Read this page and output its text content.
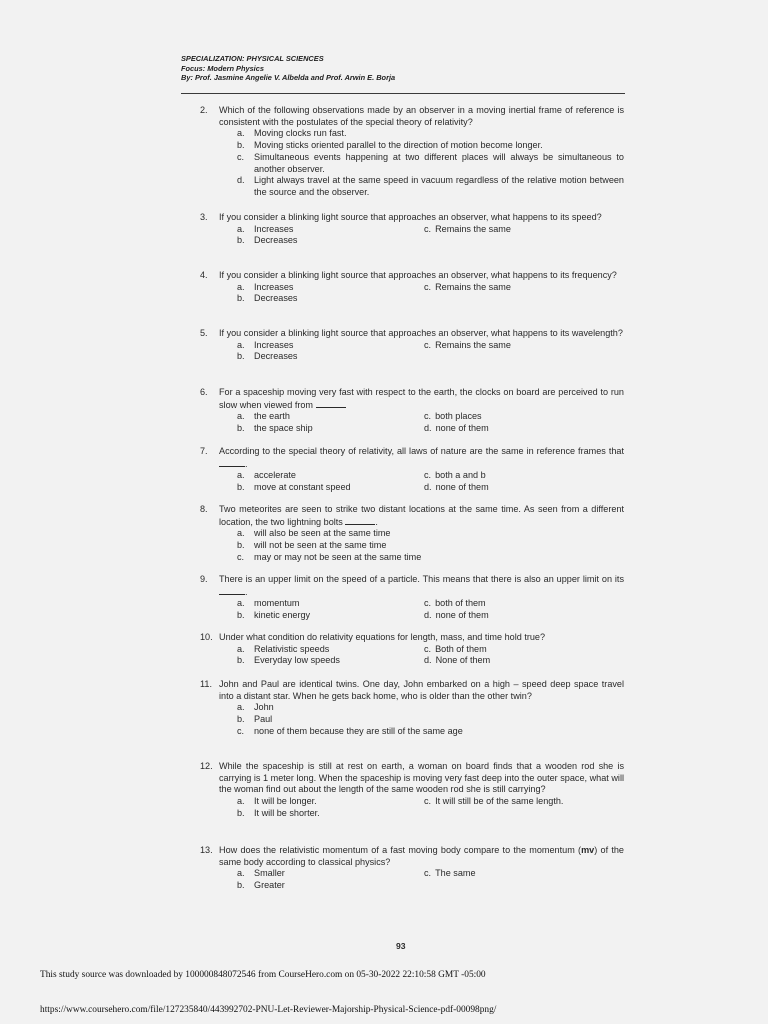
SPECIALIZATION: PHYSICAL SCIENCES
Focus: Modern Physics
By: Prof. Jasmine Angelie V. Albelda and Prof. Arwin E. Borja
2.	Which of the following observations made by an observer in a moving inertial frame of reference is consistent with the postulates of the special theory of relativity?
a. Moving clocks run fast.
b. Moving sticks oriented parallel to the direction of motion become longer.
c. Simultaneous events happening at two different places will always be simultaneous to another observer.
d. Light always travel at the same speed in vacuum regardless of the relative motion between the source and the observer.
3.	If you consider a blinking light source that approaches an observer, what happens to its speed?
a. Increases	c. Remains the same
b. Decreases
4.	If you consider a blinking light source that approaches an observer, what happens to its frequency?
a. Increases	c. Remains the same
b. Decreases
5.	If you consider a blinking light source that approaches an observer, what happens to its wavelength?
a. Increases	c. Remains the same
b. Decreases
6.	For a spaceship moving very fast with respect to the earth, the clocks on board are perceived to run slow when viewed from
a. the earth	c. both places
b. the space ship	d. none of them
7.	According to the special theory of relativity, all laws of nature are the same in reference frames that .
a. accelerate	c. both a and b
b. move at constant speed	d. none of them
8.	Two meteorites are seen to strike two distant locations at the same time. As seen from a different location, the two lightning bolts	.
a. will also be seen at the same time
b. will not be seen at the same time
c. may or may not be seen at the same time
9.	There is an upper limit on the speed of a particle. This means that there is also an upper limit on its .
a. momentum	c. both of them
b. kinetic energy	d. none of them
10. Under what condition do relativity equations for length, mass, and time hold true?
a. Relativistic speeds	c. Both of them
b. Everyday low speeds	d. None of them
11. John and Paul are identical twins. One day, John embarked on a high – speed deep space travel into a distant star. When he gets back home, who is older than the other twin?
a. John
b. Paul
c. none of them because they are still of the same age
12. While the spaceship is still at rest on earth, a woman on board finds that a wooden rod she is carrying is 1 meter long. When the spaceship is moving very fast deep into the outer space, what will the woman find out about the length of the same wooden rod she is still carrying?
a. It will be longer.	c. It will still be of the same length.
b. It will be shorter.
13. How does the relativistic momentum of a fast moving body compare to the momentum (mv) of the same body according to classical physics?
a. Smaller	c. The same
b. Greater
93
This study source was downloaded by 100000848072546 from CourseHero.com on 05-30-2022 22:10:58 GMT -05:00
https://www.coursehero.com/file/127235840/443992702-PNU-Let-Reviewer-Majorship-Physical-Science-pdf-00098png/
